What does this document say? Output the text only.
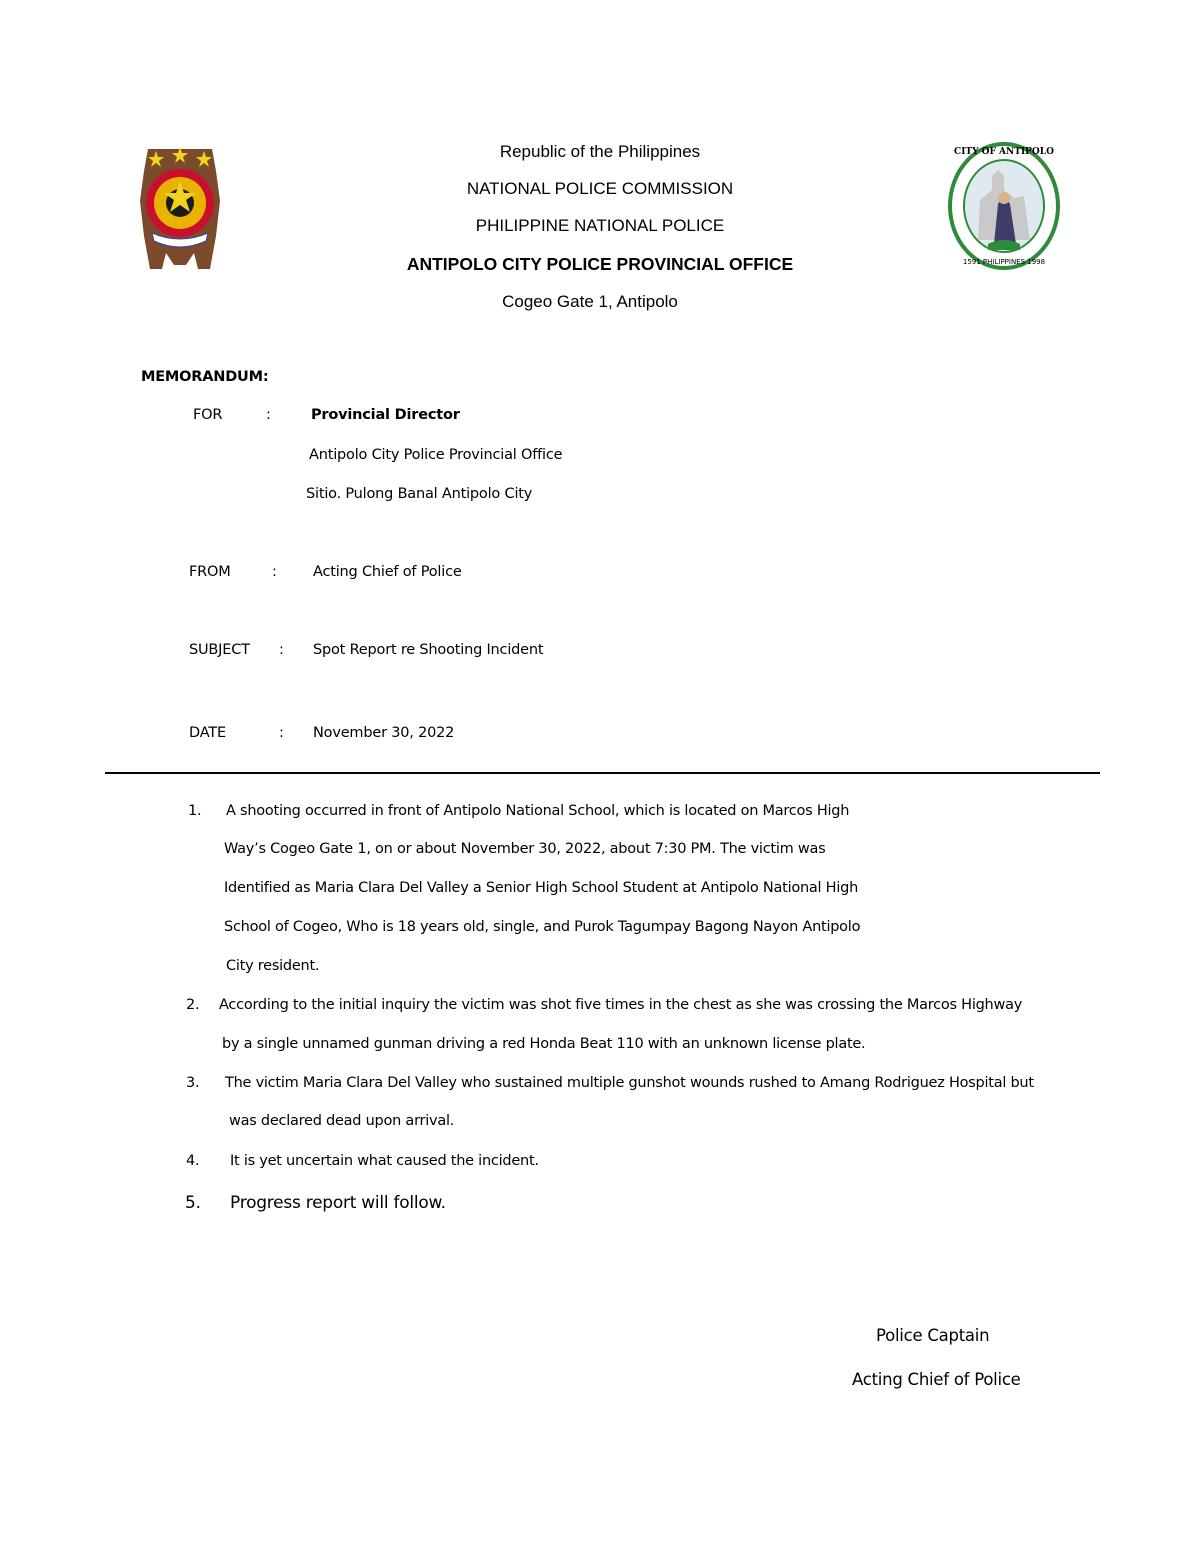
CITY OF ANTIPOLO
1591 PHILIPPINES 1998
Republic of the Philippines
NATIONAL POLICE COMMISSION
PHILIPPINE NATIONAL POLICE
ANTIPOLO CITY POLICE PROVINCIAL OFFICE
Cogeo Gate 1, Antipolo
MEMORANDUM:
FOR	:	Provincial Director
Antipolo City Police Provincial Office
Sitio. Pulong Banal Antipolo City
FROM	:	Acting Chief of Police
SUBJECT : Spot Report re Shooting Incident
DATE	: November 30, 2022
1. A shooting occurred in front of Antipolo National School, which is located on Marcos High
Way’s Cogeo Gate 1, on or about November 30, 2022, about 7:30 PM. The victim was
Identified as Maria Clara Del Valley a Senior High School Student at Antipolo National High
School of Cogeo, Who is 18 years old, single, and Purok Tagumpay Bagong Nayon Antipolo
City resident.
2. According to the initial inquiry the victim was shot five times in the chest as she was crossing the Marcos Highway
by a single unnamed gunman driving a red Honda Beat 110 with an unknown license plate.
3. The victim Maria Clara Del Valley who sustained multiple gunshot wounds rushed to Amang Rodriguez Hospital but
was declared dead upon arrival.
4. It is yet uncertain what caused the incident.
5. Progress report will follow.
Police Captain
Acting Chief of Police
